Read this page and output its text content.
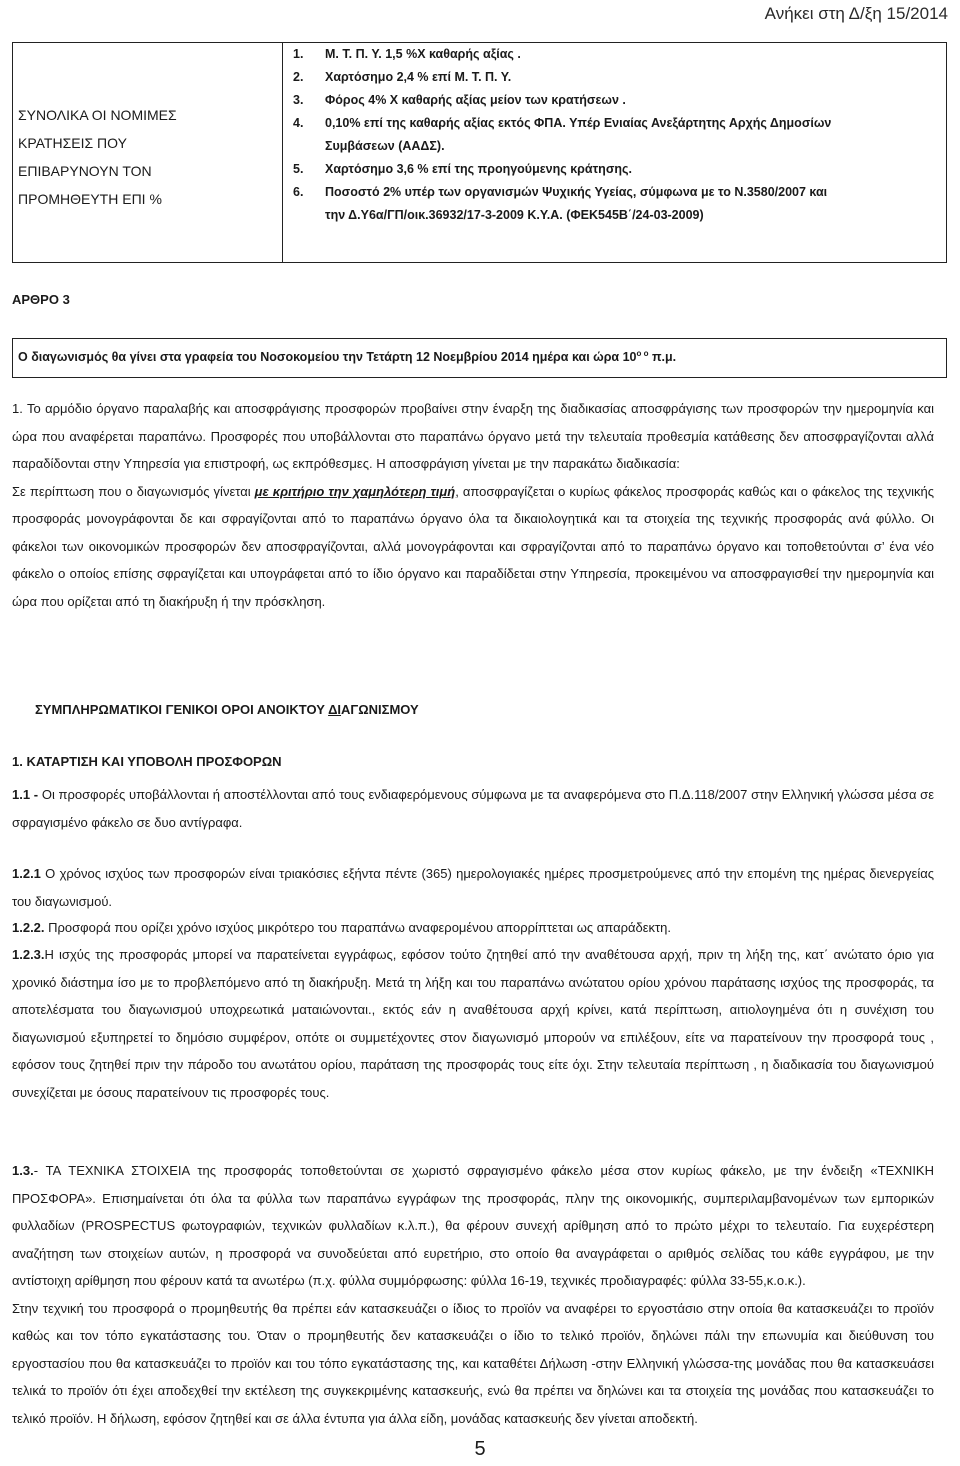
Ανήκει στη Δ/ξη 15/2014
ΣΥΝΟΛΙΚΑ ΟΙ ΝΟΜΙΜΕΣ
ΚΡΑΤΗΣΕΙΣ ΠΟΥ
ΕΠΙΒΑΡΥΝΟΥΝ ΤΟΝ
ΠΡΟΜΗΘΕΥΤΗ ΕΠΙ %
1. Μ. Τ. Π. Υ. 1,5 %Χ καθαρής αξίας .
2. Χαρτόσημο 2,4 % επί Μ. Τ. Π. Υ.
3. Φόρος 4% Χ καθαρής αξίας μείον των κρατήσεων .
4. 0,10% επί της καθαρής αξίας εκτός ΦΠΑ. Υπέρ Ενιαίας Ανεξάρτητης Αρχής Δημοσίων
Συμβάσεων (ΑΑΔΣ).
5. Χαρτόσημο 3,6 % επί της προηγούμενης κράτησης.
6. Ποσοστό 2% υπέρ των οργανισμών Ψυχικής Υγείας, σύμφωνα με το Ν.3580/2007 και
την Δ.Υ6α/ΓΠ/οικ.36932/17-3-2009 Κ.Υ.Α. (ΦΕΚ545Β΄/24-03-2009)
ΑΡΘΡΟ 3
Ο διαγωνισμός θα γίνει στα γραφεία του Νοσοκομείου την Τετάρτη 12 Νοεμβρίου 2014 ημέρα και ώρα $10^{o o}$ π.μ.
1. Το αρμόδιο όργανο παραλαβής και αποσφράγισης προσφορών προβαίνει στην έναρξη της διαδικασίας αποσφράγισης των προσφορών την ημερομηνία και ώρα που αναφέρεται παραπάνω. Προσφορές που υποβάλλονται στο παραπάνω όργανο μετά την τελευταία προθεσμία κατάθεσης δεν αποσφραγίζονται αλλά παραδίδονται στην Υπηρεσία για επιστροφή, ως εκπρόθεσμες. Η αποσφράγιση γίνεται με την παρακάτω διαδικασία:
Σε περίπτωση που ο διαγωνισμός γίνεται με κριτήριο την χαμηλότερη τιμή, αποσφραγίζεται ο κυρίως φάκελος προσφοράς καθώς και ο φάκελος της τεχνικής προσφοράς μονογράφονται δε και σφραγίζονται από το παραπάνω όργανο όλα τα δικαιολογητικά και τα στοιχεία της τεχνικής προσφοράς ανά φύλλο. Οι φάκελοι των οικονομικών προσφορών δεν αποσφραγίζονται, αλλά μονογράφονται και σφραγίζονται από το παραπάνω όργανο και τοποθετούνται σ’ ένα νέο φάκελο ο οποίος επίσης σφραγίζεται και υπογράφεται από το ίδιο όργανο και παραδίδεται στην Υπηρεσία, προκειμένου να αποσφραγισθεί την ημερομηνία και ώρα που ορίζεται από τη διακήρυξη ή την πρόσκληση.
ΣΥΜΠΛΗΡΩΜΑΤΙΚΟΙ ΓΕΝΙΚΟΙ ΟΡΟΙ ΑΝΟΙΚΤΟΥ ΔΙΑΓΩΝΙΣΜΟΥ
1. ΚΑΤΑΡΤΙΣΗ ΚΑΙ ΥΠΟΒΟΛΗ ΠΡΟΣΦΟΡΩΝ
1.1 - Οι προσφορές υποβάλλονται ή αποστέλλονται από τους ενδιαφερόμενους σύμφωνα με τα αναφερόμενα στο Π.Δ.118/2007 στην Ελληνική γλώσσα μέσα σε σφραγισμένο φάκελο σε δυο αντίγραφα.
1.2.1 Ο χρόνος ισχύος των προσφορών είναι τριακόσιες εξήντα πέντε (365) ημερολογιακές ημέρες προσμετρούμενες από την επομένη της ημέρας διενεργείας του διαγωνισμού.
1.2.2. Προσφορά που ορίζει χρόνο ισχύος μικρότερο του παραπάνω αναφερομένου απορρίπτεται ως απαράδεκτη.
1.2.3.Η ισχύς της προσφοράς μπορεί να παρατείνεται εγγράφως, εφόσον τούτο ζητηθεί από την αναθέτουσα αρχή, πριν τη λήξη της, κατ΄ ανώτατο όριο για χρονικό διάστημα ίσο με το προβλεπόμενο από τη διακήρυξη. Μετά τη λήξη και του παραπάνω ανώτατου ορίου χρόνου παράτασης ισχύος της προσφοράς, τα αποτελέσματα του διαγωνισμού υποχρεωτικά ματαιώνονται., εκτός εάν η αναθέτουσα αρχή κρίνει, κατά περίπτωση, αιτιολογημένα ότι η συνέχιση του διαγωνισμού εξυπηρετεί το δημόσιο συμφέρον, οπότε οι συμμετέχοντες στον διαγωνισμό μπορούν να επιλέξουν, είτε να παρατείνουν την προσφορά τους , εφόσον τους ζητηθεί πριν την πάροδο του ανωτάτου ορίου, παράταση της προσφοράς τους είτε όχι. Στην τελευταία περίπτωση , η διαδικασία του διαγωνισμού συνεχίζεται με όσους παρατείνουν τις προσφορές τους.
1.3.- ΤΑ ΤΕΧΝΙΚΑ ΣΤΟΙΧΕΙΑ της προσφοράς τοποθετούνται σε χωριστό σφραγισμένο φάκελο μέσα στον κυρίως φάκελο, με την ένδειξη «ΤΕΧΝΙΚΗ ΠΡΟΣΦΟΡΑ». Επισημαίνεται ότι όλα τα φύλλα των παραπάνω εγγράφων της προσφοράς, πλην της οικονομικής, συμπεριλαμβανομένων των εμπορικών φυλλαδίων (PROSPECTUS φωτογραφιών, τεχνικών φυλλαδίων κ.λ.π.), θα φέρουν συνεχή αρίθμηση από το πρώτο μέχρι το τελευταίο. Για ευχερέστερη αναζήτηση των στοιχείων αυτών, η προσφορά να συνοδεύεται από ευρετήριο, στο οποίο θα αναγράφεται ο αριθμός σελίδας του κάθε εγγράφου, με την αντίστοιχη αρίθμηση που φέρουν κατά τα ανωτέρω (π.χ. φύλλα συμμόρφωσης: φύλλα 16-19, τεχνικές προδιαγραφές: φύλλα 33-55,κ.ο.κ.).
Στην τεχνική του προσφορά ο προμηθευτής θα πρέπει εάν κατασκευάζει ο ίδιος το προϊόν να αναφέρει το εργοστάσιο στην οποία θα κατασκευάζει το προϊόν καθώς και τον τόπο εγκατάστασης του. Όταν ο προμηθευτής δεν κατασκευάζει ο ίδιο το τελικό προϊόν, δηλώνει πάλι την επωνυμία και διεύθυνση του εργοστασίου που θα κατασκευάζει το προϊόν και του τόπο εγκατάστασης της, και καταθέτει Δήλωση -στην Ελληνική γλώσσα-της μονάδας που θα κατασκευάσει τελικά το προϊόν ότι έχει αποδεχθεί την εκτέλεση της συγκεκριμένης κατασκευής, ενώ θα πρέπει να δηλώνει και τα στοιχεία της μονάδας που κατασκευάζει το τελικό προϊόν. Η δήλωση, εφόσον ζητηθεί και σε άλλα έντυπα για άλλα είδη, μονάδας κατασκευής δεν γίνεται αποδεκτή.
5
